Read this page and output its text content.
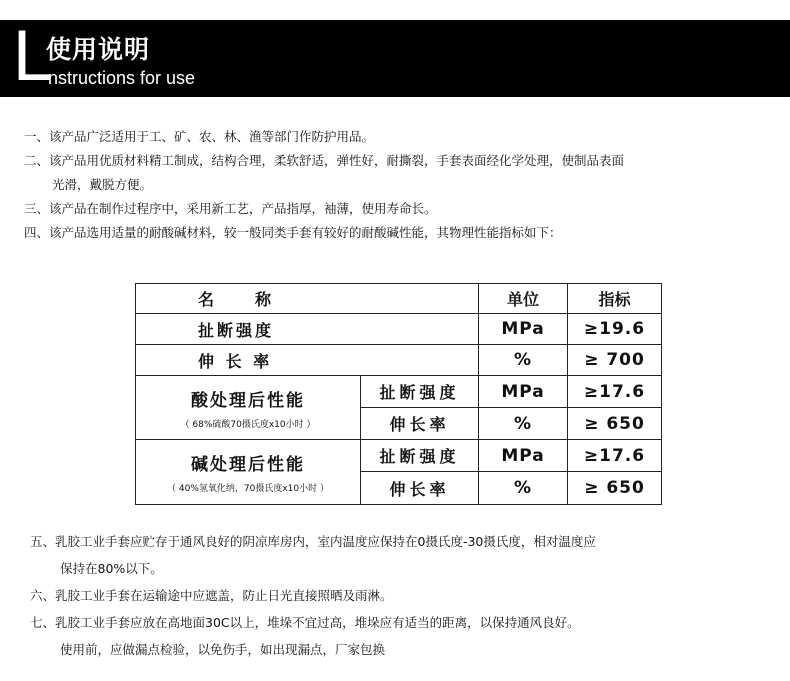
L
使用说明
nstructions for use

一、该产品广泛适用于工、矿、农、林、渔等部门作防护用品。

二、该产品用优质材料精工制成，结构合理，柔软舒适，弹性好，耐撕裂，手套表面经化学处理，使制品表面

光滑，戴脱方便。

三、该产品在制作过程序中，采用新工艺，产品指厚，袖薄，使用寿命长。

四、该产品选用适量的耐酸碱材料，较一般同类手套有较好的耐酸碱性能，其物理性能指标如下：

名　　称		单位	指标
扯断强度		MPa	≥19.6
伸 长 率		%	≥ 700

酸处理后性能
（ 68%硫酸70摄氏度x10小时 ）	扯断强度	MPa	≥17.6
	伸长率	%	≥ 650

碱处理后性能
（ 40%氢氧化纳，70摄氏度x10小时 ）	扯断强度	MPa	≥17.6
	伸长率	%	≥ 650

五、乳胶工业手套应贮存于通风良好的阴凉库房内，室内温度应保持在0摄氏度-30摄氏度，相对温度应

保持在80%以下。

六、乳胶工业手套在运输途中应遮盖，防止日光直接照晒及雨淋。

七、乳胶工业手套应放在高地面30C以上，堆垛不宜过高，堆垛应有适当的距离，以保持通风良好。

使用前，应做漏点检验，以免伤手，如出现漏点，厂家包换
